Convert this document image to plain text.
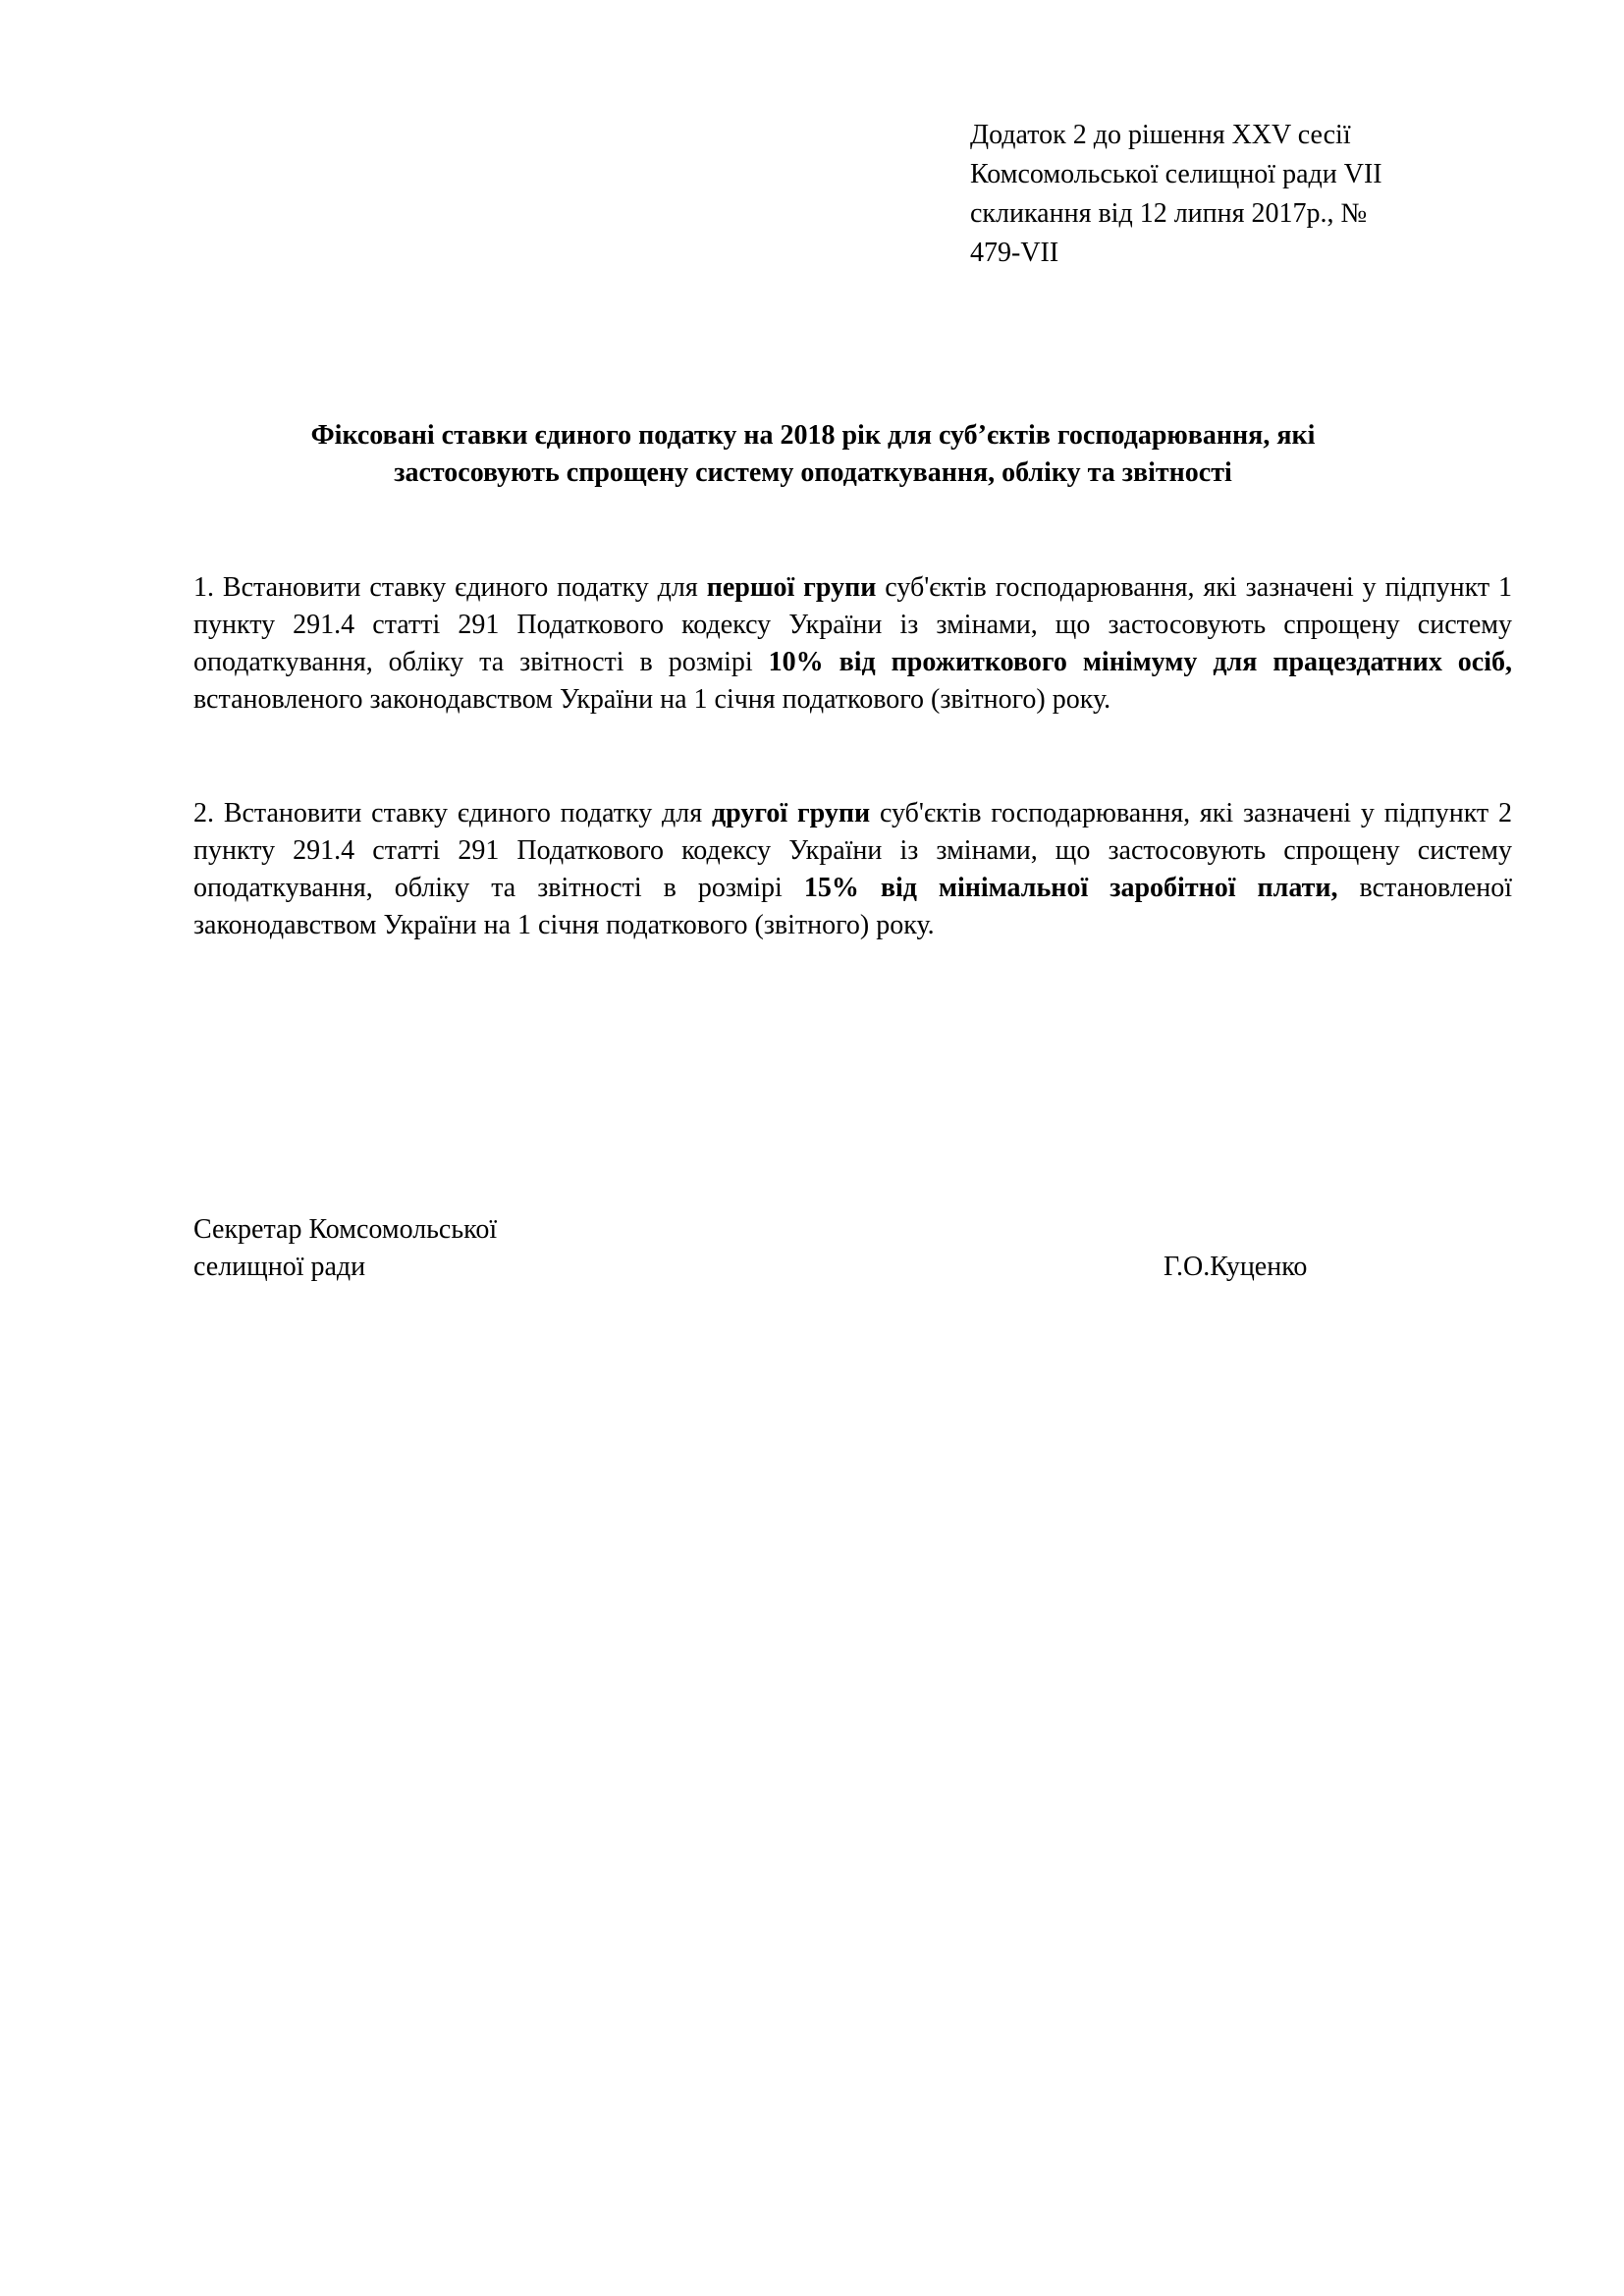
Додаток 2 до рішення XXV сесії
Комсомольської селищної ради VII
скликання від 12 липня 2017р., №
479-VII
Фіксовані ставки єдиного податку на 2018 рік для суб’єктів господарювання, які
застосовують спрощену систему оподаткування, обліку та звітності

1. Встановити ставку єдиного податку для першої групи суб'єктів господарювання, які зазначені у підпункт 1 пункту 291.4 статті 291 Податкового кодексу України із змінами, що застосовують спрощену систему оподаткування, обліку та звітності в розмірі 10% від прожиткового мінімуму для працездатних осіб, встановленого законодавством України на 1 січня податкового (звітного) року.

2. Встановити ставку єдиного податку для другої групи суб'єктів господарювання, які зазначені у підпункт 2 пункту 291.4 статті 291 Податкового кодексу України із змінами, що застосовують спрощену систему оподаткування, обліку та звітності в розмірі 15% від мінімальної заробітної плати, встановленої законодавством України на 1 січня податкового (звітного) року.

Секретар Комсомольської
селищної ради	Г.О.Куценко
